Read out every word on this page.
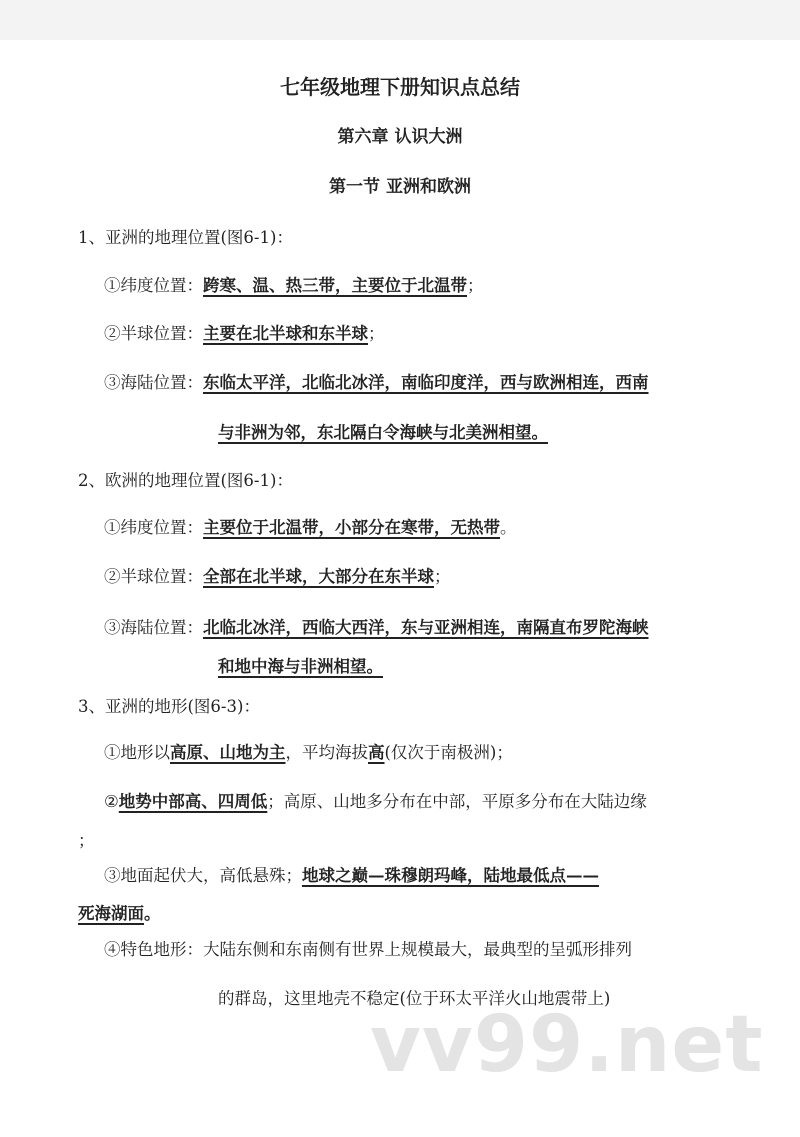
七年级地理下册知识点总结
第六章 认识大洲
第一节 亚洲和欧洲
1、亚洲的地理位置(图6-1)：
①纬度位置：跨寒、温、热三带，主要位于北温带；
②半球位置：主要在北半球和东半球；
③海陆位置：东临太平洋，北临北冰洋，南临印度洋，西与欧洲相连，西南
与非洲为邻，东北隔白令海峡与北美洲相望。
2、欧洲的地理位置(图6-1)：
①纬度位置：主要位于北温带，小部分在寒带，无热带。
②半球位置：全部在北半球，大部分在东半球；
③海陆位置：北临北冰洋，西临大西洋，东与亚洲相连，南隔直布罗陀海峡
和地中海与非洲相望。
3、亚洲的地形(图6-3)：
①地形以高原、山地为主，平均海拔高(仅次于南极洲)；
②地势中部高、四周低；高原、山地多分布在中部，平原多分布在大陆边缘
；
③地面起伏大，高低悬殊；地球之巅—珠穆朗玛峰，陆地最低点——
死海湖面。
④特色地形：大陆东侧和东南侧有世界上规模最大，最典型的呈弧形排列
的群岛，这里地壳不稳定(位于环太平洋火山地震带上)
vv99.net
